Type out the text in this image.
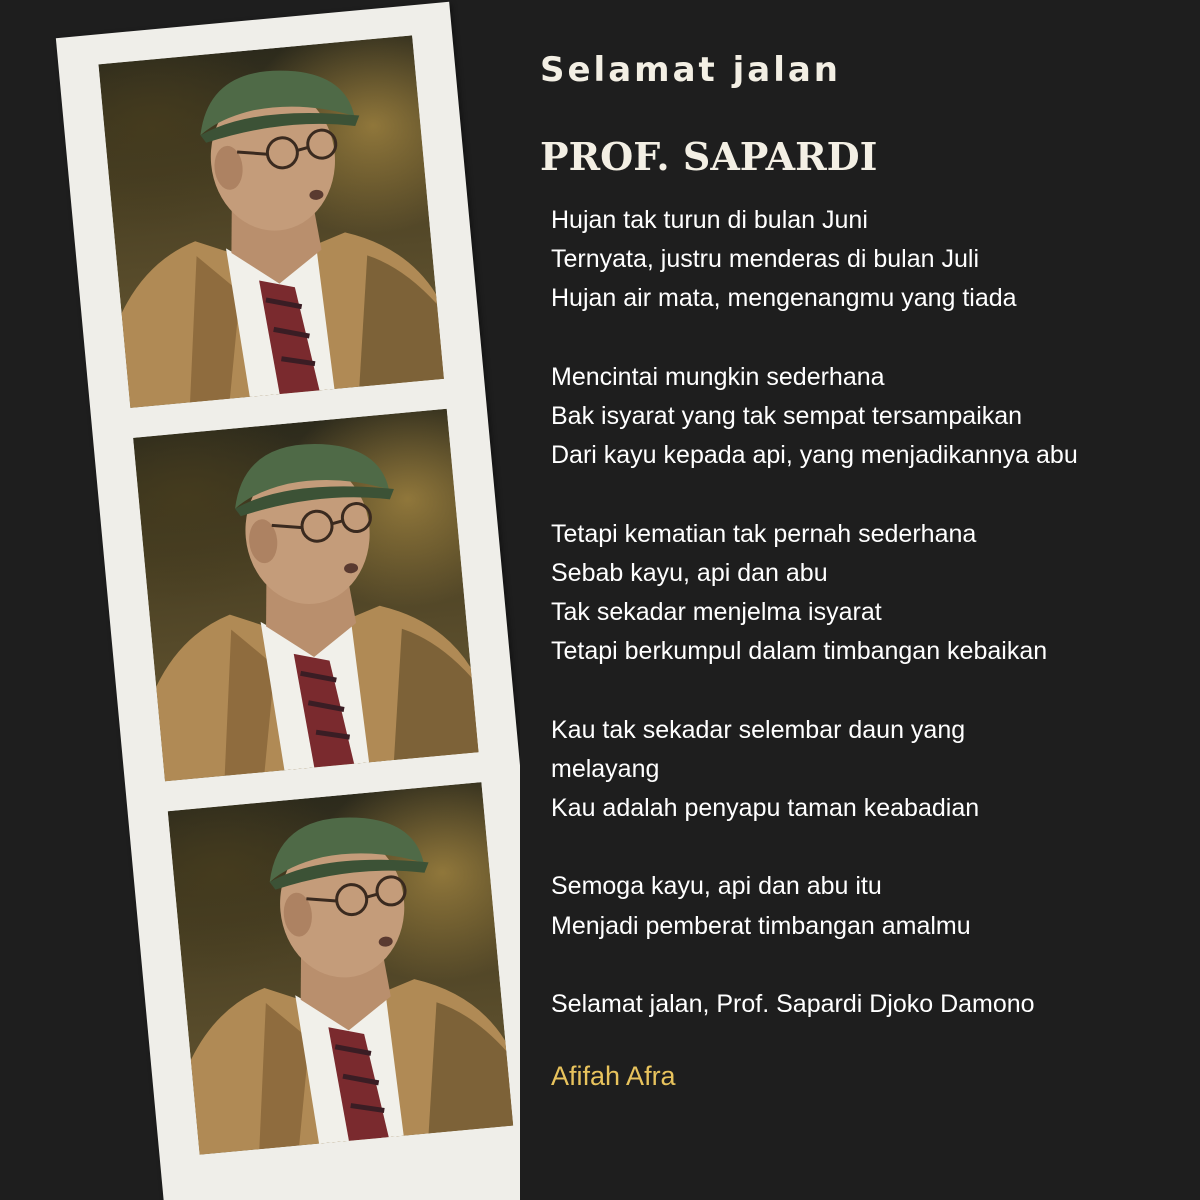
Selamat jalan
PROF. SAPARDI
Hujan tak turun di bulan Juni
Ternyata, justru menderas di bulan Juli
Hujan air mata, mengenangmu yang tiada
Mencintai mungkin sederhana
Bak isyarat yang tak sempat tersampaikan
Dari kayu kepada api, yang menjadikannya abu
Tetapi kematian tak pernah sederhana
Sebab kayu, api dan abu
Tak sekadar menjelma isyarat
Tetapi berkumpul dalam timbangan kebaikan
Kau tak sekadar selembar daun yang
melayang
Kau adalah penyapu taman keabadian
Semoga kayu, api dan abu itu
Menjadi pemberat timbangan amalmu
Selamat jalan, Prof. Sapardi Djoko Damono
Afifah Afra
